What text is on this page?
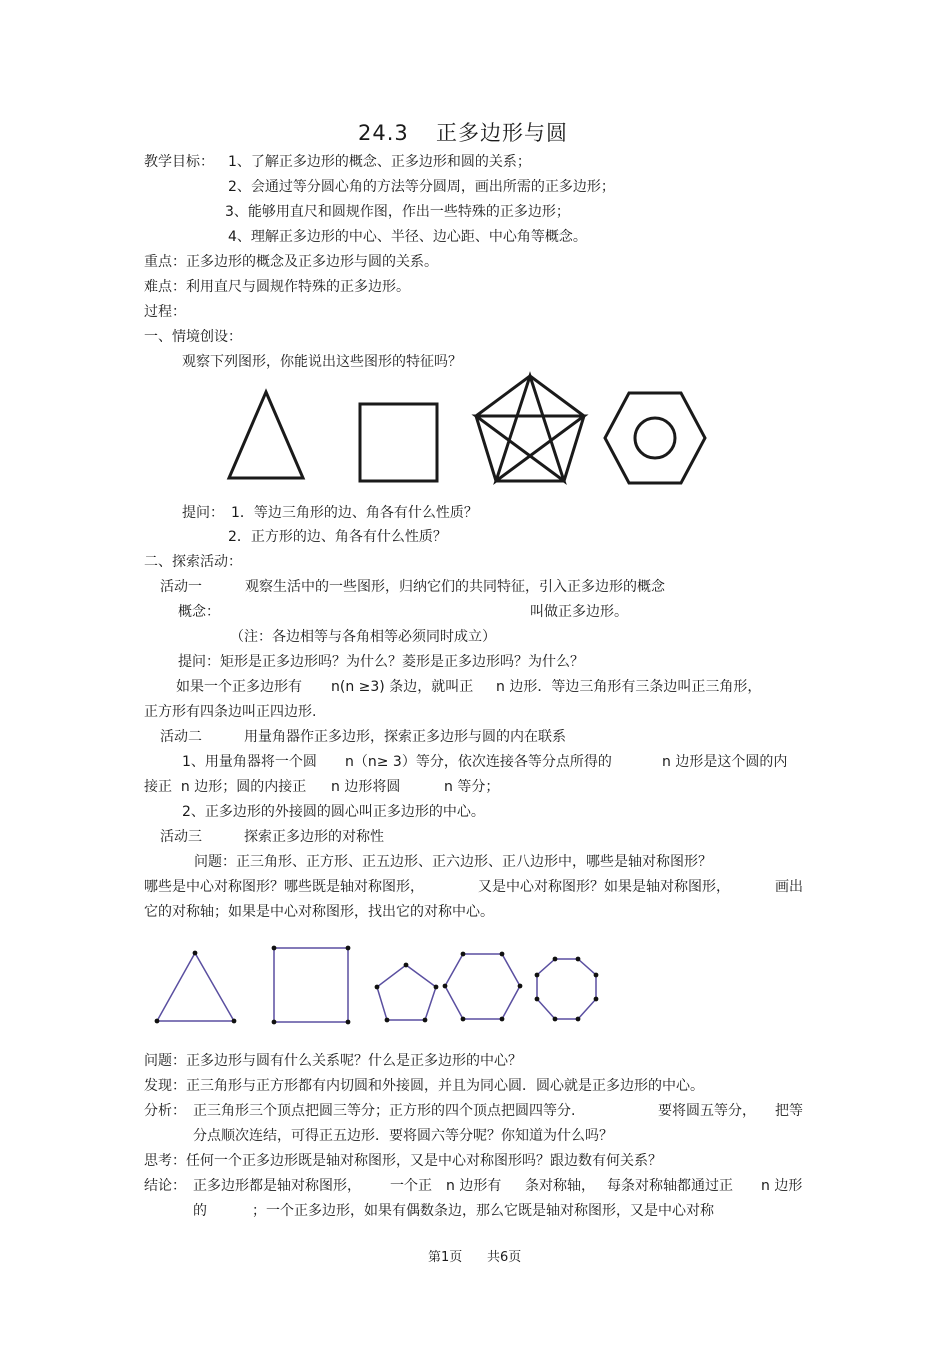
24.3 正多边形与圆
教学目标： 1、了解正多边形的概念、正多边形和圆的关系；
2、会通过等分圆心角的方法等分圆周，画出所需的正多边形；
3、能够用直尺和圆规作图，作出一些特殊的正多边形；
4、理解正多边形的中心、半径、边心距、中心角等概念。
重点：正多边形的概念及正多边形与圆的关系。
难点：利用直尺与圆规作特殊的正多边形。
过程：
一、情境创设：
观察下列图形，你能说出这些图形的特征吗？
提问： 1．等边三角形的边、角各有什么性质？
2．正方形的边、角各有什么性质？
二、探索活动：
活动一	观察生活中的一些图形，归纳它们的共同特征，引入正多边形的概念
概念：	叫做正多边形。
（注：各边相等与各角相等必须同时成立）
提问：矩形是正多边形吗？为什么？菱形是正多边形吗？为什么？
如果一个正多边形有 n(n ≥3) 条边，就叫正 n 边形．等边三角形有三条边叫正三角形，
正方形有四条边叫正四边形.
活动二	用量角器作正多边形，探索正多边形与圆的内在联系
1、用量角器将一个圆 n（n≥ 3）等分，依次连接各等分点所得的	n 边形是这个圆的内
接正  n 边形；圆的内接正 n 边形将圆	n 等分；
2、正多边形的外接圆的圆心叫正多边形的中心。
活动三	探索正多边形的对称性
问题：正三角形、正方形、正五边形、正六边形、正八边形中，哪些是轴对称图形？
哪些是中心对称图形？哪些既是轴对称图形，	又是中心对称图形？如果是轴对称图形，	画出
它的对称轴；如果是中心对称图形，找出它的对称中心。
问题：正多边形与圆有什么关系呢？什么是正多边形的中心？
发现：正三角形与正方形都有内切圆和外接圆，并且为同心圆．圆心就是正多边形的中心。
分析： 正三角形三个顶点把圆三等分；正方形的四个顶点把圆四等分.	要将圆五等分， 把等
分点顺次连结，可得正五边形．要将圆六等分呢？你知道为什么吗？
思考：任何一个正多边形既是轴对称图形，又是中心对称图形吗？跟边数有何关系？
结论： 正多边形都是轴对称图形， 一个正 n 边形有 条对称轴， 每条对称轴都通过正 n 边形
的	；一个正多边形，如果有偶数条边，那么它既是轴对称图形，又是中心对称
第1页 共6页
